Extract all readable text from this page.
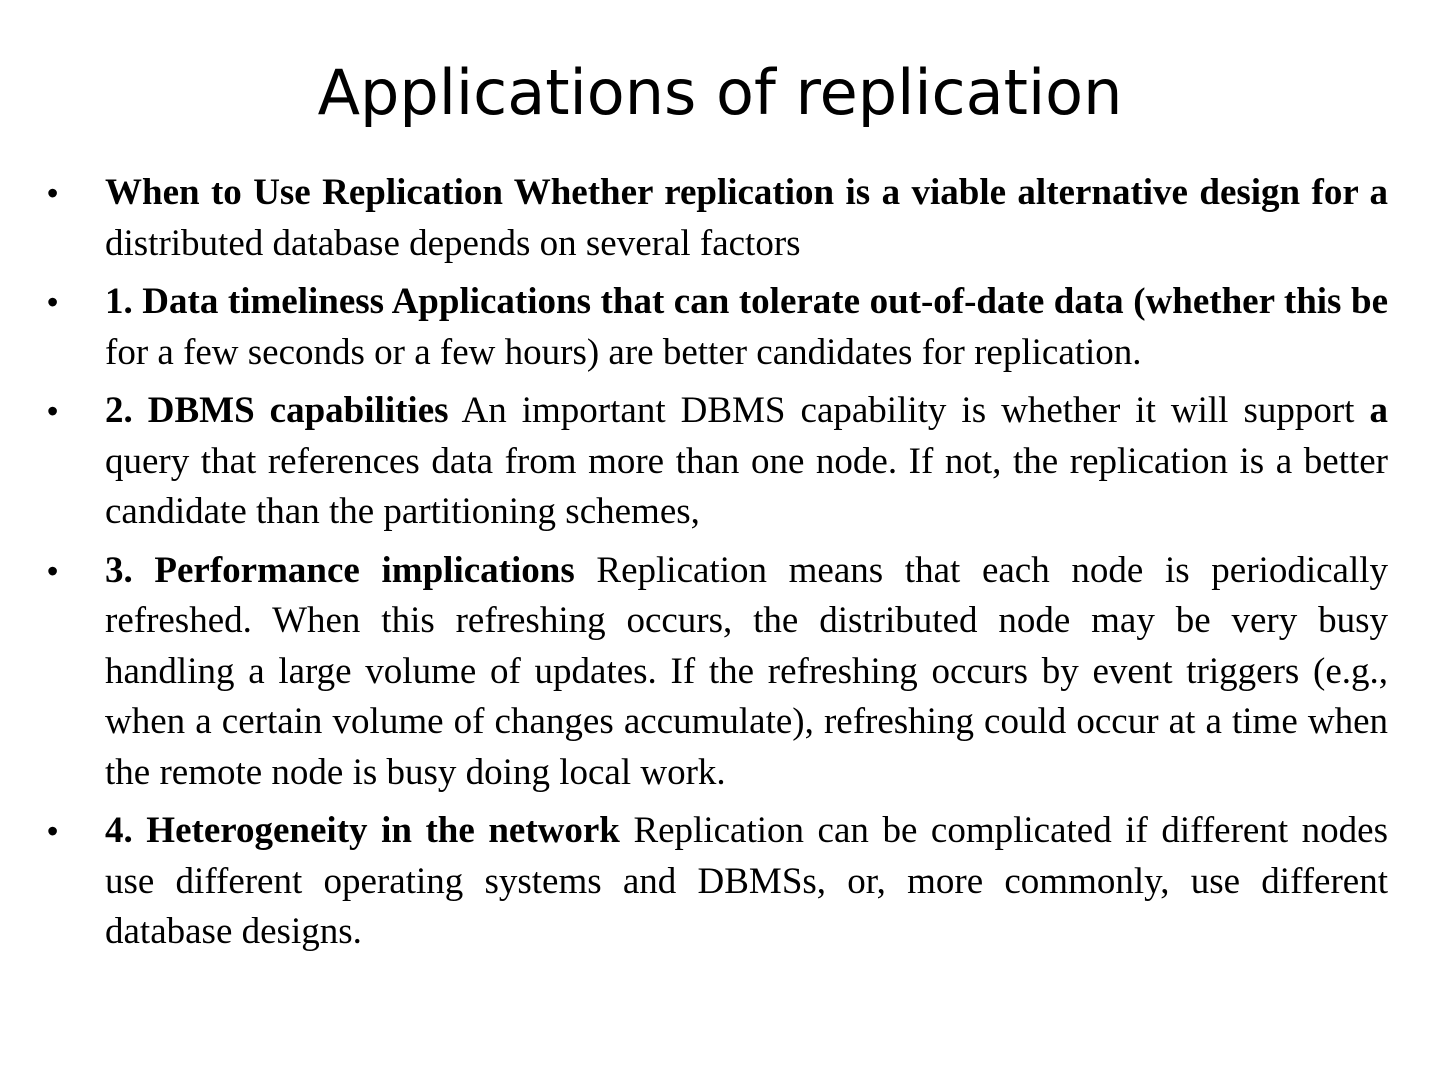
Applications of replication
•	When to Use Replication Whether replication is a viable alternative design for a distributed database depends on several factors

•	1. Data timeliness Applications that can tolerate out-of-date data (whether this be for a few seconds or a few hours) are better candidates for replication.

•	2. DBMS capabilities An important DBMS capability is whether it will support a query that references data from more than one node. If not, the replication is a better candidate than the partitioning schemes,

•	3. Performance implications Replication means that each node is periodically refreshed. When this refreshing occurs, the distributed node may be very busy handling a large volume of updates. If the refreshing occurs by event triggers (e.g., when a certain volume of changes accumulate), refreshing could occur at a time when the remote node is busy doing local work.

•	4. Heterogeneity in the network Replication can be complicated if different nodes use different operating systems and DBMSs, or, more commonly, use different database designs.
